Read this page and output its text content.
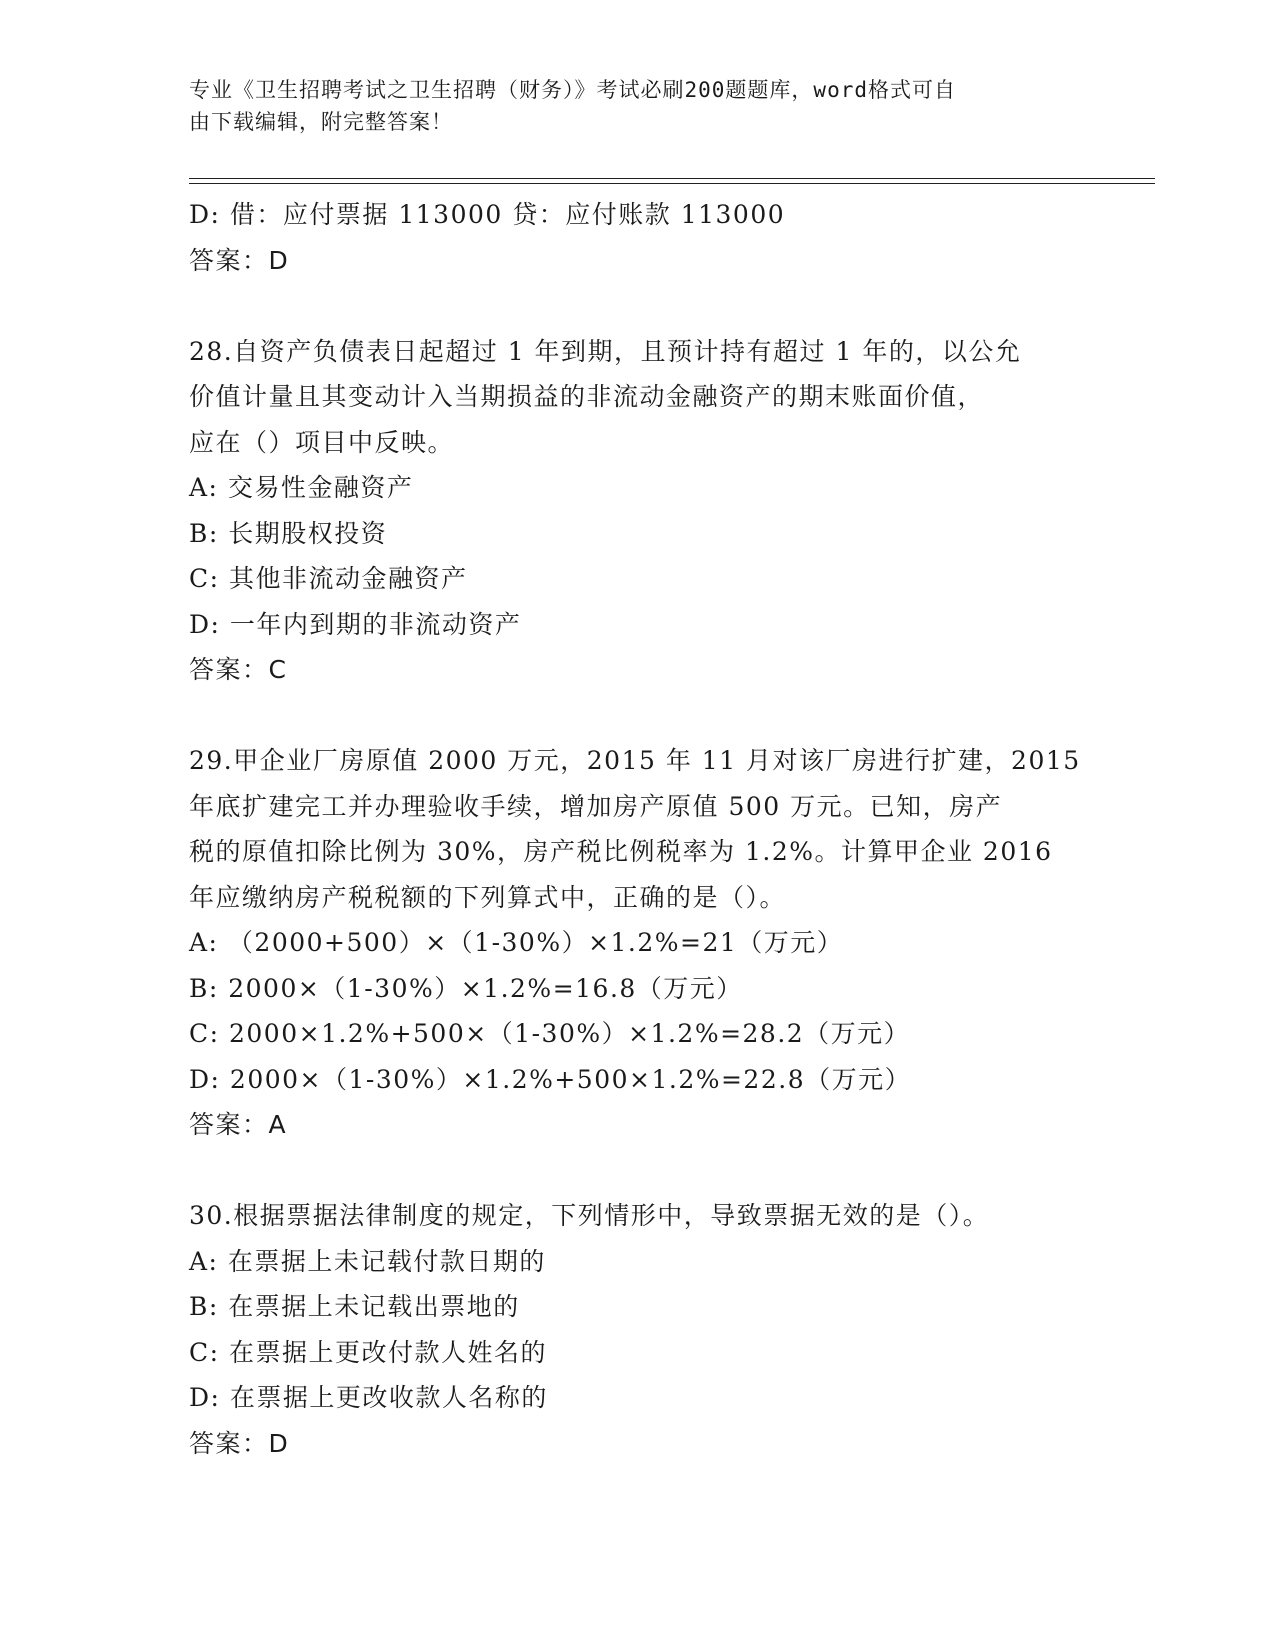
专业《卫生招聘考试之卫生招聘（财务）》考试必刷200题题库，word格式可自
由下载编辑，附完整答案！
D: 借：应付票据 113000 贷：应付账款 113000
答案：D
28.自资产负债表日起超过 1 年到期，且预计持有超过 1 年的，以公允
价值计量且其变动计入当期损益的非流动金融资产的期末账面价值，
应在（）项目中反映。
A: 交易性金融资产
B: 长期股权投资
C: 其他非流动金融资产
D: 一年内到期的非流动资产
答案：C
29.甲企业厂房原值 2000 万元，2015 年 11 月对该厂房进行扩建，2015
年底扩建完工并办理验收手续，增加房产原值 500 万元。已知，房产
税的原值扣除比例为 30%，房产税比例税率为 1.2%。计算甲企业 2016
年应缴纳房产税税额的下列算式中，正确的是（）。
A: （2000+500）×（1-30%）×1.2%=21（万元）
B: 2000×（1-30%）×1.2%=16.8（万元）
C: 2000×1.2%+500×（1-30%）×1.2%=28.2（万元）
D: 2000×（1-30%）×1.2%+500×1.2%=22.8（万元）
答案：A
30.根据票据法律制度的规定，下列情形中，导致票据无效的是（）。
A: 在票据上未记载付款日期的
B: 在票据上未记载出票地的
C: 在票据上更改付款人姓名的
D: 在票据上更改收款人名称的
答案：D
